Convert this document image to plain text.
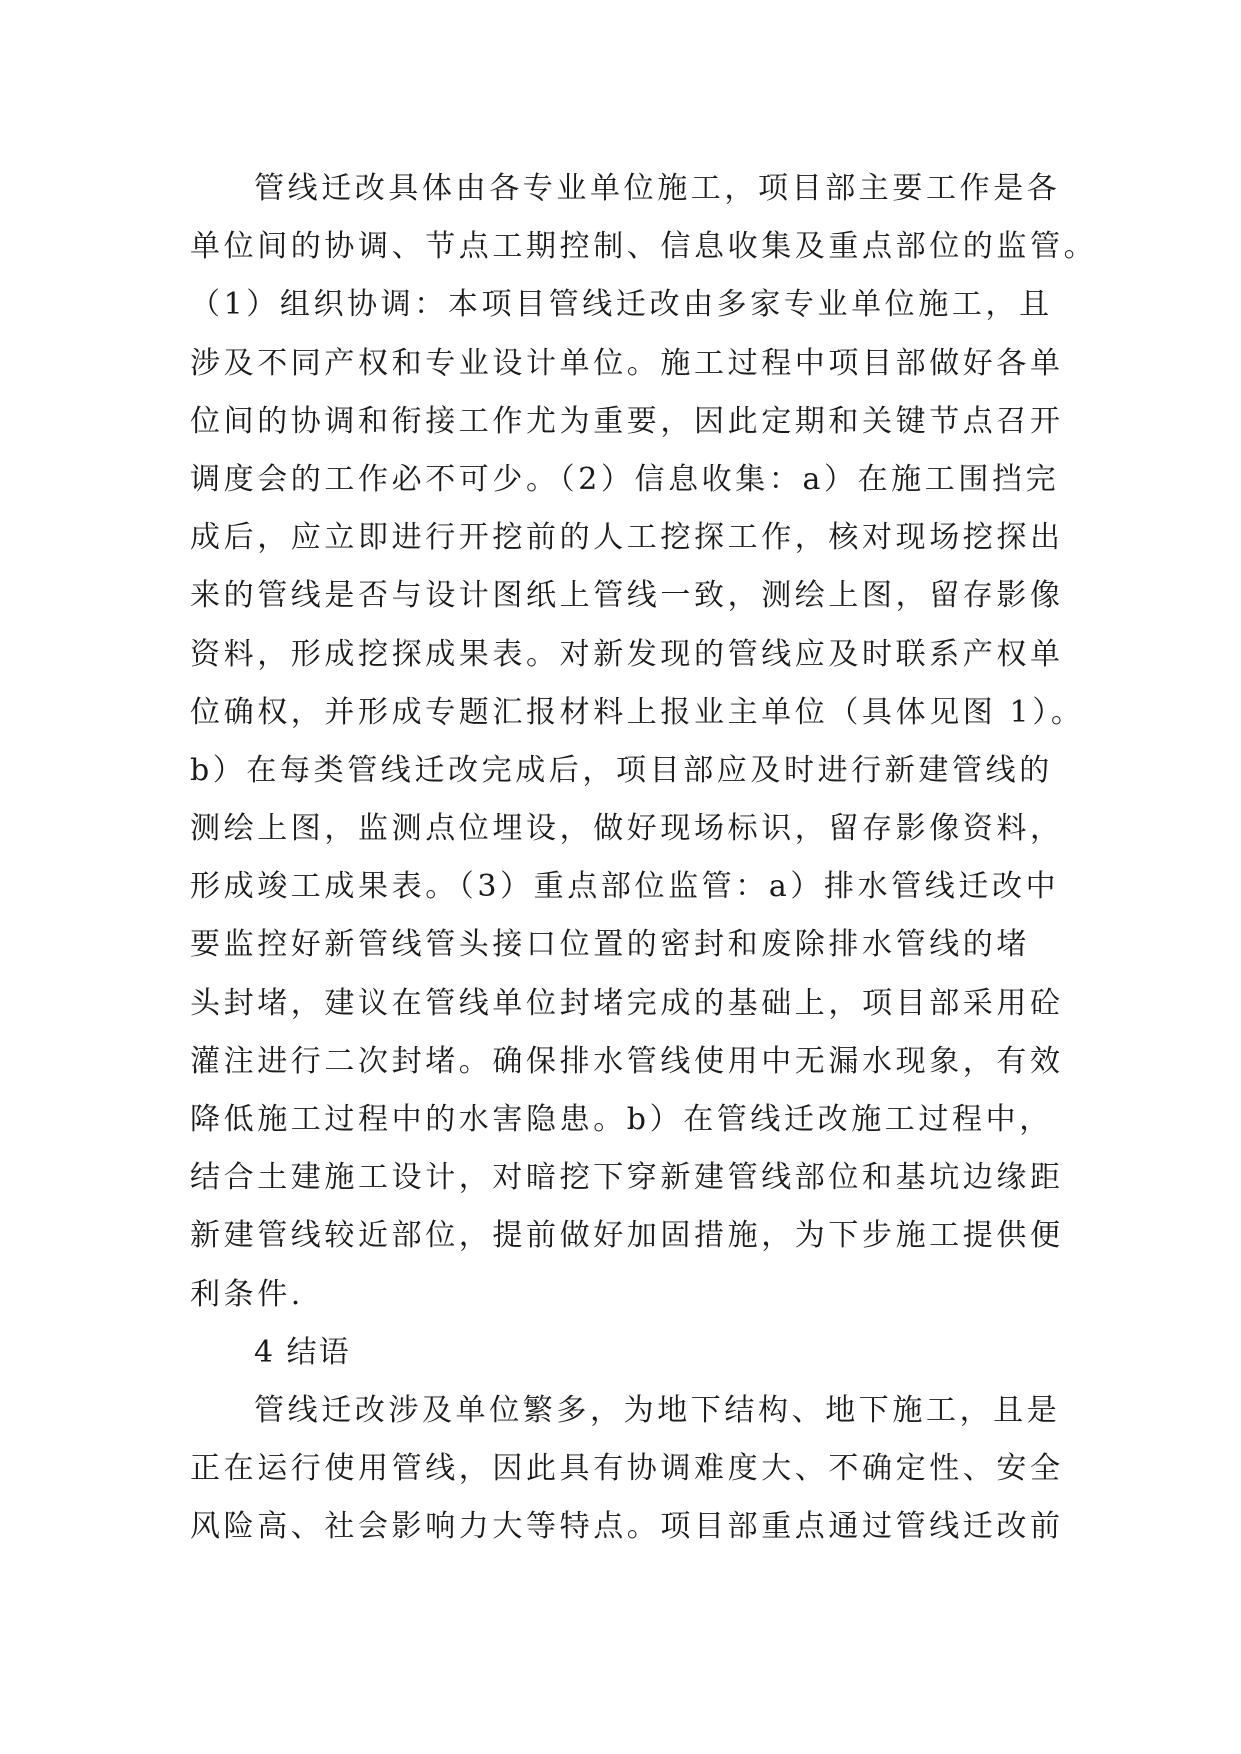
管线迁改具体由各专业单位施工，项目部主要工作是各
单位间的协调、节点工期控制、信息收集及重点部位的监管。
（1）组织协调：本项目管线迁改由多家专业单位施工，且
涉及不同产权和专业设计单位。施工过程中项目部做好各单
位间的协调和衔接工作尤为重要，因此定期和关键节点召开
调度会的工作必不可少。（2）信息收集：a）在施工围挡完
成后，应立即进行开挖前的人工挖探工作，核对现场挖探出
来的管线是否与设计图纸上管线一致，测绘上图，留存影像
资料，形成挖探成果表。对新发现的管线应及时联系产权单
位确权，并形成专题汇报材料上报业主单位（具体见图 1）。
b）在每类管线迁改完成后，项目部应及时进行新建管线的
测绘上图，监测点位埋设，做好现场标识，留存影像资料，
形成竣工成果表。（3）重点部位监管：a）排水管线迁改中
要监控好新管线管头接口位置的密封和废除排水管线的堵
头封堵，建议在管线单位封堵完成的基础上，项目部采用砼
灌注进行二次封堵。确保排水管线使用中无漏水现象，有效
降低施工过程中的水害隐患。b）在管线迁改施工过程中，
结合土建施工设计，对暗挖下穿新建管线部位和基坑边缘距
新建管线较近部位，提前做好加固措施，为下步施工提供便
利条件.
4 结语
管线迁改涉及单位繁多，为地下结构、地下施工，且是
正在运行使用管线，因此具有协调难度大、不确定性、安全
风险高、社会影响力大等特点。项目部重点通过管线迁改前
